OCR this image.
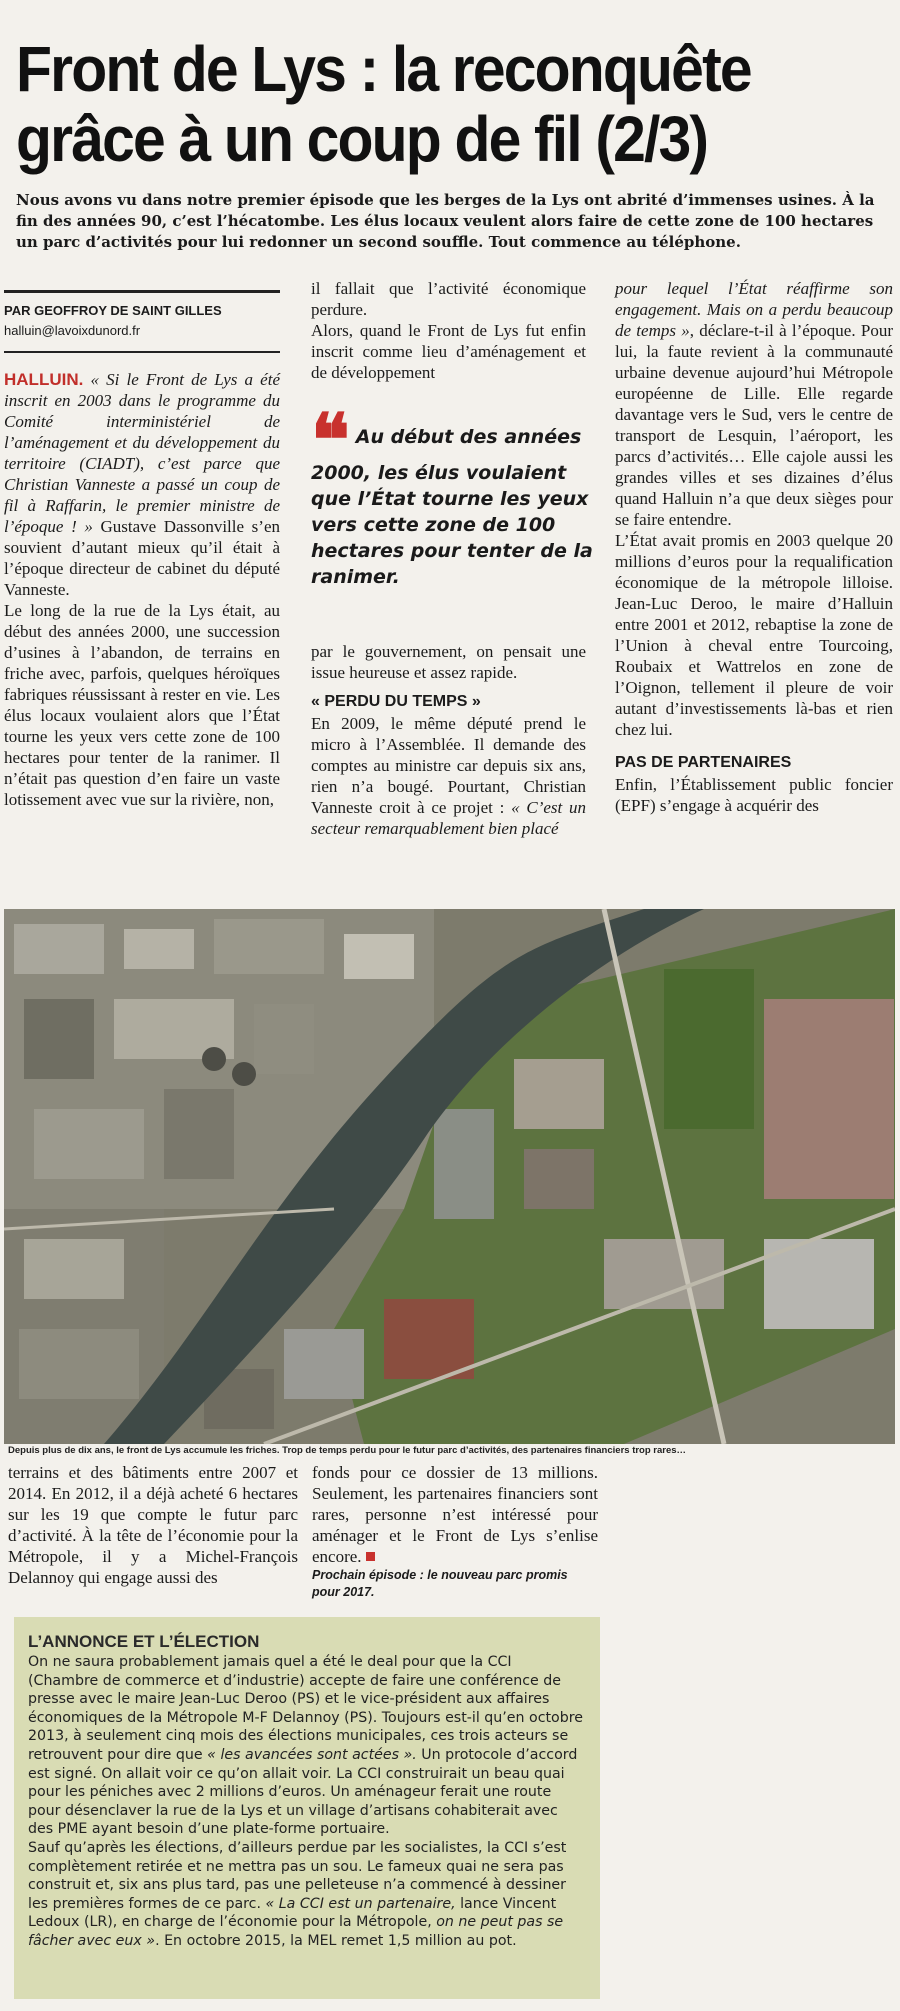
Front de Lys : la reconquête
grâce à un coup de fil (2/3)

Nous avons vu dans notre premier épisode que les berges de la Lys ont abrité d’immenses usines. À la fin des années 90, c’est l’hécatombe. Les élus locaux veulent alors faire de cette zone de 100 hectares un parc d’activités pour lui redonner un second souffle. Tout commence au téléphone.

PAR GEOFFROY DE SAINT GILLES
halluin@lavoixdunord.fr

HALLUIN. « Si le Front de Lys a été inscrit en 2003 dans le programme du Comité interministériel de l’aménagement et du développement du territoire (CIADT), c’est parce que Christian Vanneste a passé un coup de fil à Raffarin, le premier ministre de l’époque ! » Gustave Dassonville s’en souvient d’autant mieux qu’il était à l’époque directeur de cabinet du député Vanneste.

Le long de la rue de la Lys était, au début des années 2000, une succession d’usines à l’abandon, de terrains en friche avec, parfois, quelques héroïques fabriques réussissant à rester en vie. Les élus locaux voulaient alors que l’État tourne les yeux vers cette zone de 100 hectares pour tenter de la ranimer. Il n’était pas question d’en faire un vaste lotissement avec vue sur la rivière, non,

il fallait que l’activité économique perdure.

Alors, quand le Front de Lys fut enfin inscrit comme lieu d’aménagement et de développement

❝ Au début des années 2000, les élus voulaient que l’État tourne les yeux vers cette zone de 100 hectares pour tenter de la ranimer.

par le gouvernement, on pensait une issue heureuse et assez rapide.

« PERDU DU TEMPS »

En 2009, le même député prend le micro à l’Assemblée. Il demande des comptes au ministre car depuis six ans, rien n’a bougé. Pourtant, Christian Vanneste croit à ce projet : « C’est un secteur remarquablement bien placé

pour lequel l’État réaffirme son engagement. Mais on a perdu beaucoup de temps », déclare-t-il à l’époque. Pour lui, la faute revient à la communauté urbaine devenue aujourd’hui Métropole européenne de Lille. Elle regarde davantage vers le Sud, vers le centre de transport de Lesquin, l’aéroport, les parcs d’activités… Elle cajole aussi les grandes villes et ses dizaines d’élus quand Halluin n’a que deux sièges pour se faire entendre.

L’État avait promis en 2003 quelque 20 millions d’euros pour la requalification économique de la métropole lilloise. Jean-Luc Deroo, le maire d’Halluin entre 2001 et 2012, rebaptise la zone de l’Union à cheval entre Tourcoing, Roubaix et Wattrelos en zone de l’Oignon, tellement il pleure de voir autant d’investissements là-bas et rien chez lui.

PAS DE PARTENAIRES

Enfin, l’Établissement public foncier (EPF) s’engage à acquérir des

Depuis plus de dix ans, le front de Lys accumule les friches. Trop de temps perdu pour le futur parc d’activités, des partenaires financiers trop rares…
terrains et des bâtiments entre 2007 et 2014. En 2012, il a déjà acheté 6 hectares sur les 19 que compte le futur parc d’activité. À la tête de l’économie pour la Métropole, il y a Michel-François Delannoy qui engage aussi des
fonds pour ce dossier de 13 millions. Seulement, les partenaires financiers sont rares, personne n’est intéressé pour aménager et le Front de Lys s’enlise encore.
Prochain épisode : le nouveau parc promis pour 2017.
L’ANNONCE ET L’ÉLECTION

On ne saura probablement jamais quel a été le deal pour que la CCI (Chambre de commerce et d’industrie) accepte de faire une conférence de presse avec le maire Jean-Luc Deroo (PS) et le vice-président aux affaires économiques de la Métropole M-F Delannoy (PS). Toujours est-il qu’en octobre 2013, à seulement cinq mois des élections municipales, ces trois acteurs se retrouvent pour dire que « les avancées sont actées ». Un protocole d’accord est signé. On allait voir ce qu’on allait voir. La CCI construirait un beau quai pour les péniches avec 2 millions d’euros. Un aménageur ferait une route pour désenclaver la rue de la Lys et un village d’artisans cohabiterait avec des PME ayant besoin d’une plate-forme portuaire.

Sauf qu’après les élections, d’ailleurs perdue par les socialistes, la CCI s’est complètement retirée et ne mettra pas un sou. Le fameux quai ne sera pas construit et, six ans plus tard, pas une pelleteuse n’a commencé à dessiner les premières formes de ce parc. « La CCI est un partenaire, lance Vincent Ledoux (LR), en charge de l’économie pour la Métropole, on ne peut pas se fâcher avec eux ». En octobre 2015, la MEL remet 1,5 million au pot.
